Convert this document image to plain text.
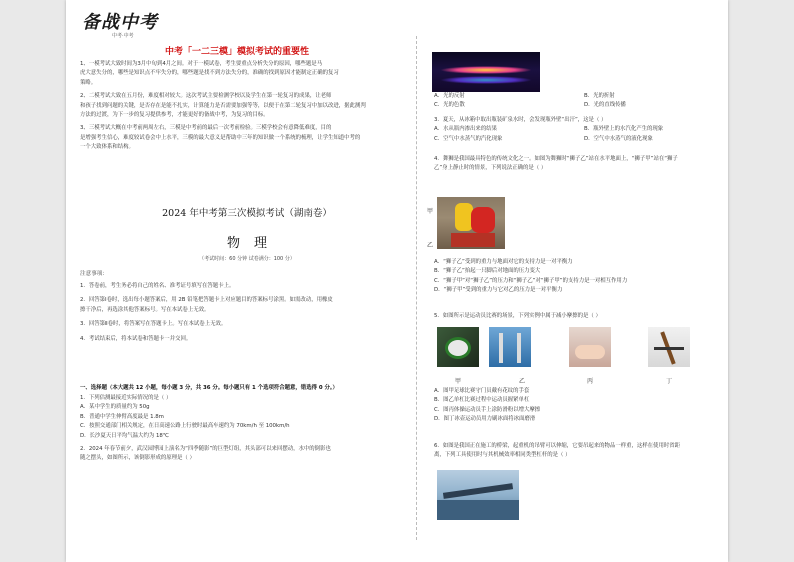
备战中考
中考·中考
中考「一二三模」模拟考试的重要性
1、一模考试大致时间为3月中旬到4月之间。对于一模试卷，考生要重点分析失分的原因，哪些题是马
虎大意失分的，哪些是知识点不牢失分的，哪些题是找不到方法失分的，准确的找到原因才能制定正确的复习
策略。
2、二模考试大致在五月份，难度相对较大。这次考试主要检测学校以及学生在第一轮复习的成果，让老师
和孩子找到问题的关键，是否存在是能不扎实，计算能力是否需要加强等等，以便于在第二轮复习中加以改进，据此测判
方法的过渡，为下一步的复习提供参考，才能更好的备战中考，为复习的目标。
3、三模考试大概在中考前两周左右，三模是中考前的最后一次考前检验。三模学校会有意降低难度，目的
是增强考生信心，难度较试卷会中上水平，三模的最大意义是帮助中三年的知识做一个系统的梳理，让学生知道中考的
一个大致体系和结构。
2024 年中考第三次模拟考试（湖南卷）
物理
（考试时间：60 分钟 试卷满分：100 分）
注意事项：
1．答卷前，考生务必将自己的姓名、准考证号填写在答题卡上。
2．回答第Ⅰ卷时，选出每小题答案后，用 2B 铅笔把答题卡上对应题目的答案标号涂黑。如需改动，用橡皮
擦干净后，再选涂其他答案标号。写在本试卷上无效。
3．回答第Ⅱ卷时，将答案写在答题卡上。写在本试卷上无效。
4．考试结束后，将本试卷和答题卡一并交回。
一、选择题（本大题共 12 小题，每小题 3 分，共 36 分。每小题只有 1 个选项符合题意，错选得 0 分。）
1．下列估测最接近实际情况的是（ ）
A．某中学生的质量约为 50g
B．普通中学生伸臂高度最是 1.8m
C．按照交通部门相关规定，在日高速公路上行驶时最高车速约为 70km/h 至 100km/h
D．长沙夏天日平均气温大约为 18℃
2．2024 年春节前夕，武汉园博园上演名为“四季随影”的巨型灯组，其头部可以来回摆动，水中的倒影也
随之摆头，如图所示，该倒影形成的原理是（ ）
A．光的反射	B．光的折射
C．光的色散	D．光的直线传播
3．夏天，从冰箱中取出瓶装矿泉水时，会发现瓶外壁“出汗”，这是（ ）
A．水从瓶内渗出来的结果	B．瓶外壁上的水汽化产生的现象
C．空气中水蒸气的汽化现象	D．空气中水蒸气的液化现象
4．舞狮是我国最具特色的传统文化之一。如图为舞狮时“狮子乙”站在水平地面上，“狮子甲”站在“狮子
乙”身上静止时的情景，下列说法正确的是（ ）
甲
乙
A．“狮子乙”受到的重力与地面对它的支持力是一对平衡力
B．“狮子乙”抬起一只脚后对地面的压力变大
C．“狮子甲”对“狮子乙”的压力和“狮子乙”对“狮子甲”的支持力是一对相互作用力
D．“狮子甲”受到的重力与它对乙的压力是一对平衡力
5．如图所示是运动员比赛的场景，下列实例中属于减小摩擦的是（ ）
甲	乙	丙	丁
A．图甲足球比赛守门员戴有花纹的手套
B．图乙单杠比赛过程中运动员握紧单杠
C．图丙体操运动员手上涂防滑粉以增大摩擦
D．图丁冰壶运动员用力刷冰面将冰面磨滑
6．如图是我国正在施工的桥梁，起重机的吊臂可以伸缩，它要吊起来的物品一样重，这样在使用时省距
离，下列工具使用时与其机械效率相同类型杠杆的是（ ）
